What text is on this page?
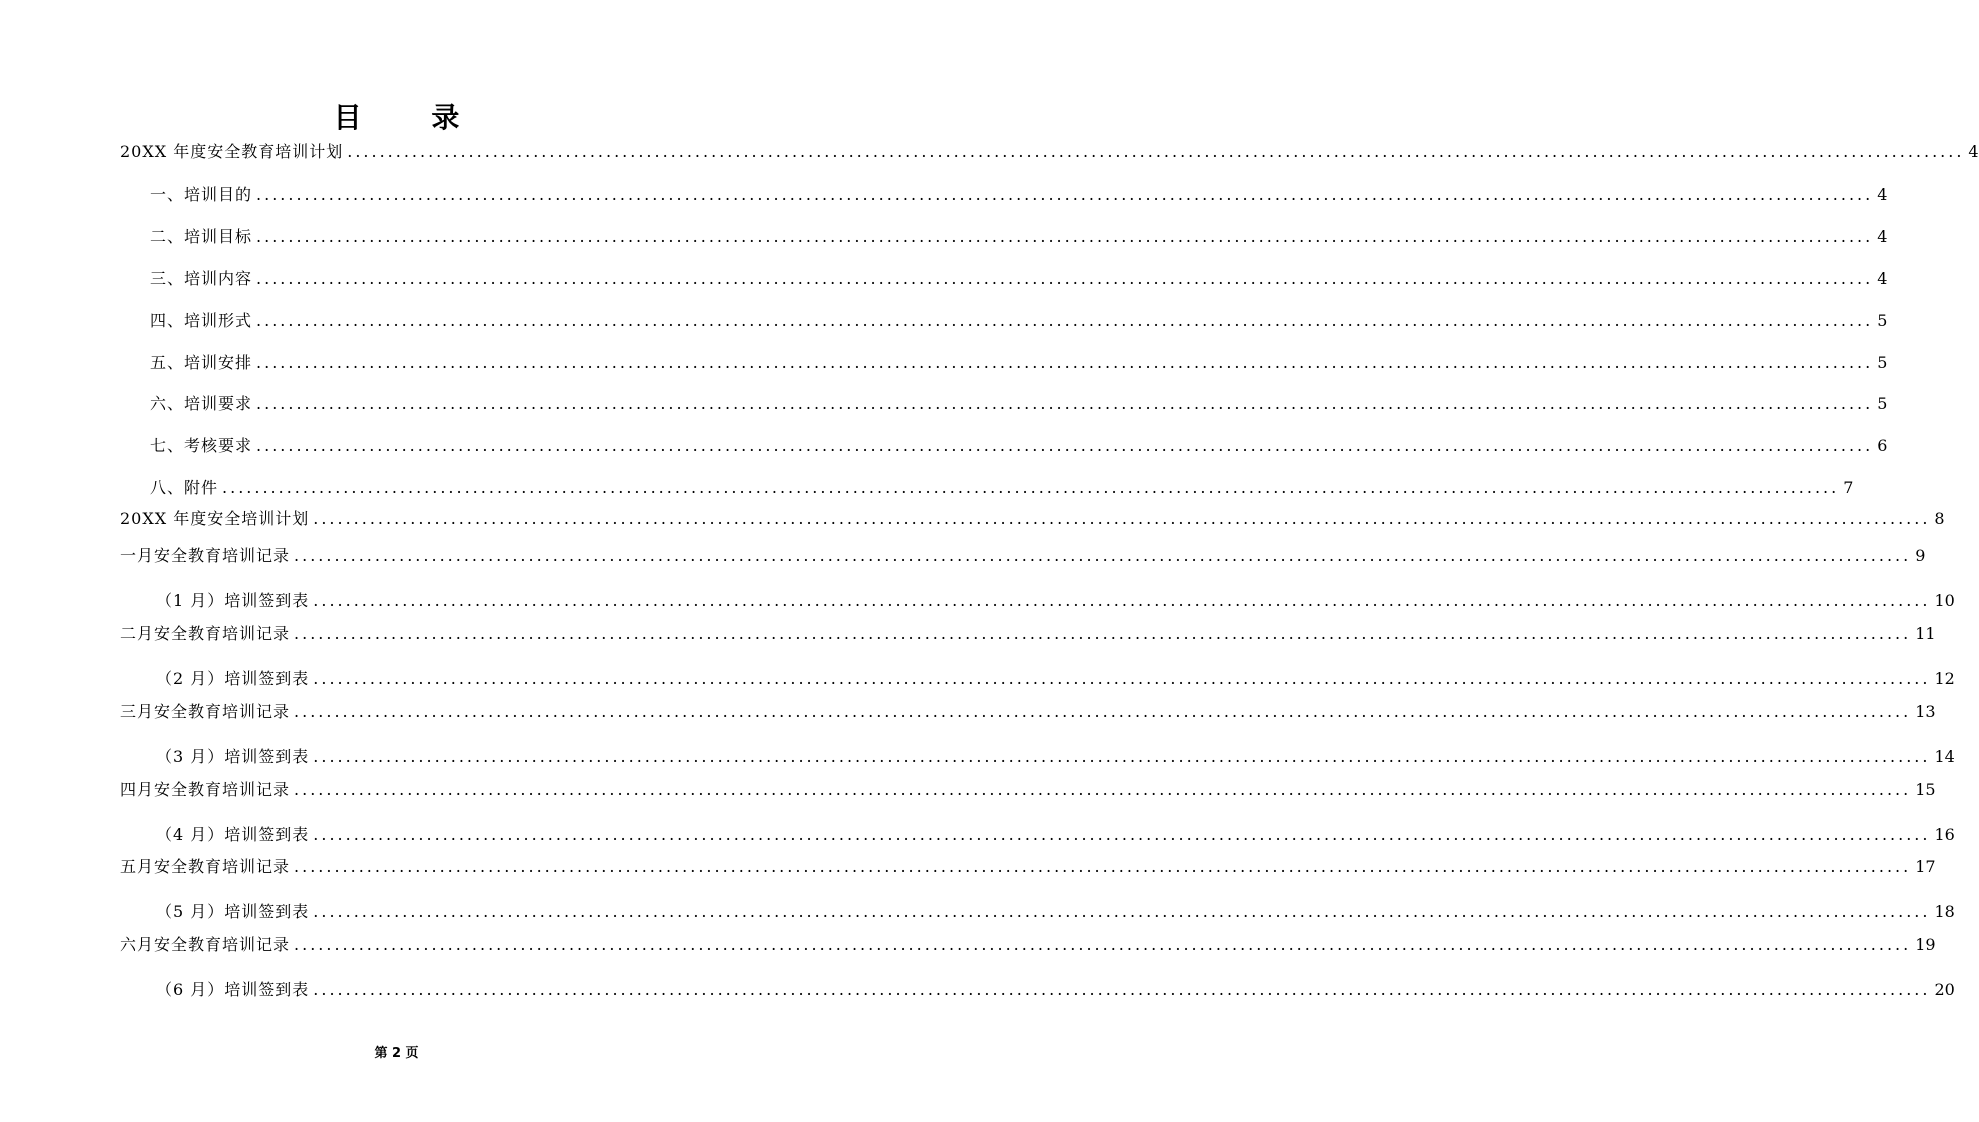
目 录
20XX 年度安全教育培训计划 ........................................................................................................................................................................................................ 4
一、培训目的 ........................................................................................................................................................................................................ 4
二、培训目标 ........................................................................................................................................................................................................ 4
三、培训内容 ........................................................................................................................................................................................................ 4
四、培训形式 ........................................................................................................................................................................................................ 5
五、培训安排 ........................................................................................................................................................................................................ 5
六、培训要求 ........................................................................................................................................................................................................ 5
七、考核要求 ........................................................................................................................................................................................................ 6
八、附件 ........................................................................................................................................................................................................ 7
20XX 年度安全培训计划 ........................................................................................................................................................................................................ 8
一月安全教育培训记录 ........................................................................................................................................................................................................ 9
（1 月）培训签到表 ........................................................................................................................................................................................................ 10
二月安全教育培训记录 ........................................................................................................................................................................................................ 11
（2 月）培训签到表 ........................................................................................................................................................................................................ 12
三月安全教育培训记录 ........................................................................................................................................................................................................ 13
（3 月）培训签到表 ........................................................................................................................................................................................................ 14
四月安全教育培训记录 ........................................................................................................................................................................................................ 15
（4 月）培训签到表 ........................................................................................................................................................................................................ 16
五月安全教育培训记录 ........................................................................................................................................................................................................ 17
（5 月）培训签到表 ........................................................................................................................................................................................................ 18
六月安全教育培训记录 ........................................................................................................................................................................................................ 19
（6 月）培训签到表 ........................................................................................................................................................................................................ 20
第 2 页
